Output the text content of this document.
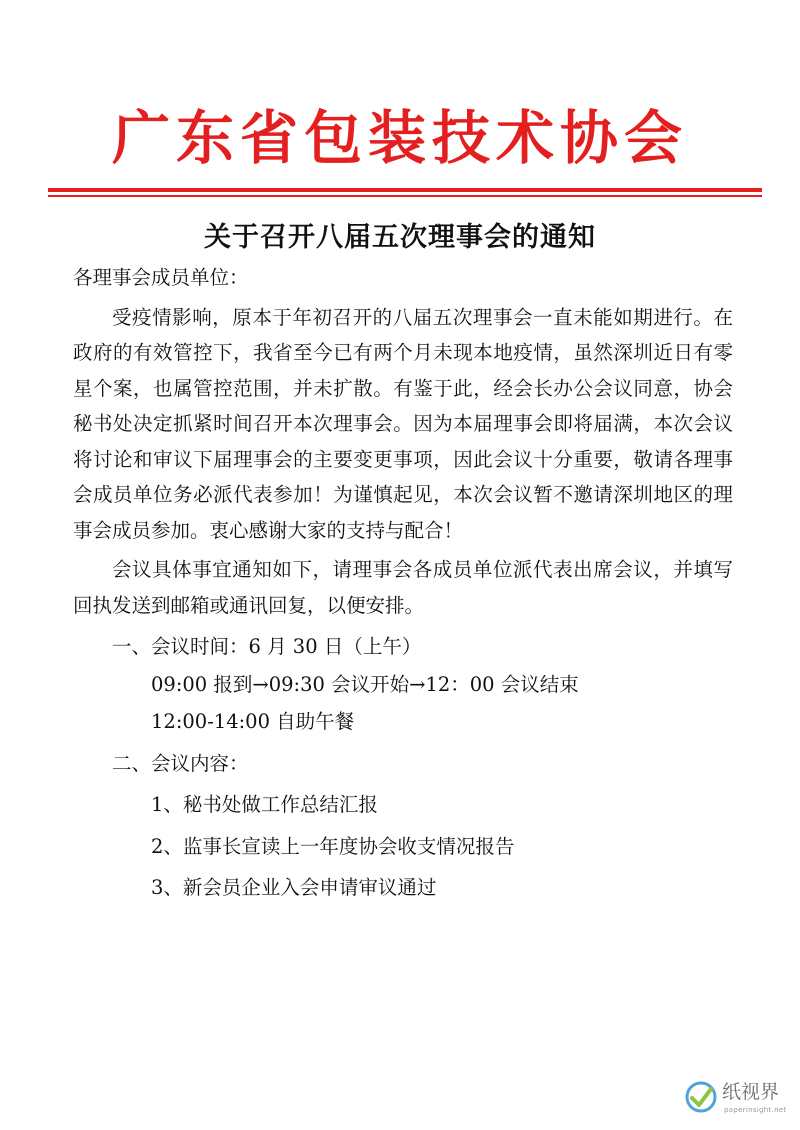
广东省包装技术协会
关于召开八届五次理事会的通知

各理事会成员单位：

受疫情影响，原本于年初召开的八届五次理事会一直未能如期进行。在政府的有效管控下，我省至今已有两个月未现本地疫情，虽然深圳近日有零星个案，也属管控范围，并未扩散。有鉴于此，经会长办公会议同意，协会秘书处决定抓紧时间召开本次理事会。因为本届理事会即将届满，本次会议将讨论和审议下届理事会的主要变更事项，因此会议十分重要，敬请各理事会成员单位务必派代表参加！为谨慎起见，本次会议暂不邀请深圳地区的理事会成员参加。衷心感谢大家的支持与配合！

会议具体事宜通知如下，请理事会各成员单位派代表出席会议，并填写回执发送到邮箱或通讯回复，以便安排。

一、会议时间：6 月 30 日（上午）

09:00 报到→09:30 会议开始→12：00 会议结束

12:00-14:00 自助午餐

二、会议内容：

1、秘书处做工作总结汇报

2、监事长宣读上一年度协会收支情况报告

3、新会员企业入会申请审议通过

纸视界
paperinsight.net
